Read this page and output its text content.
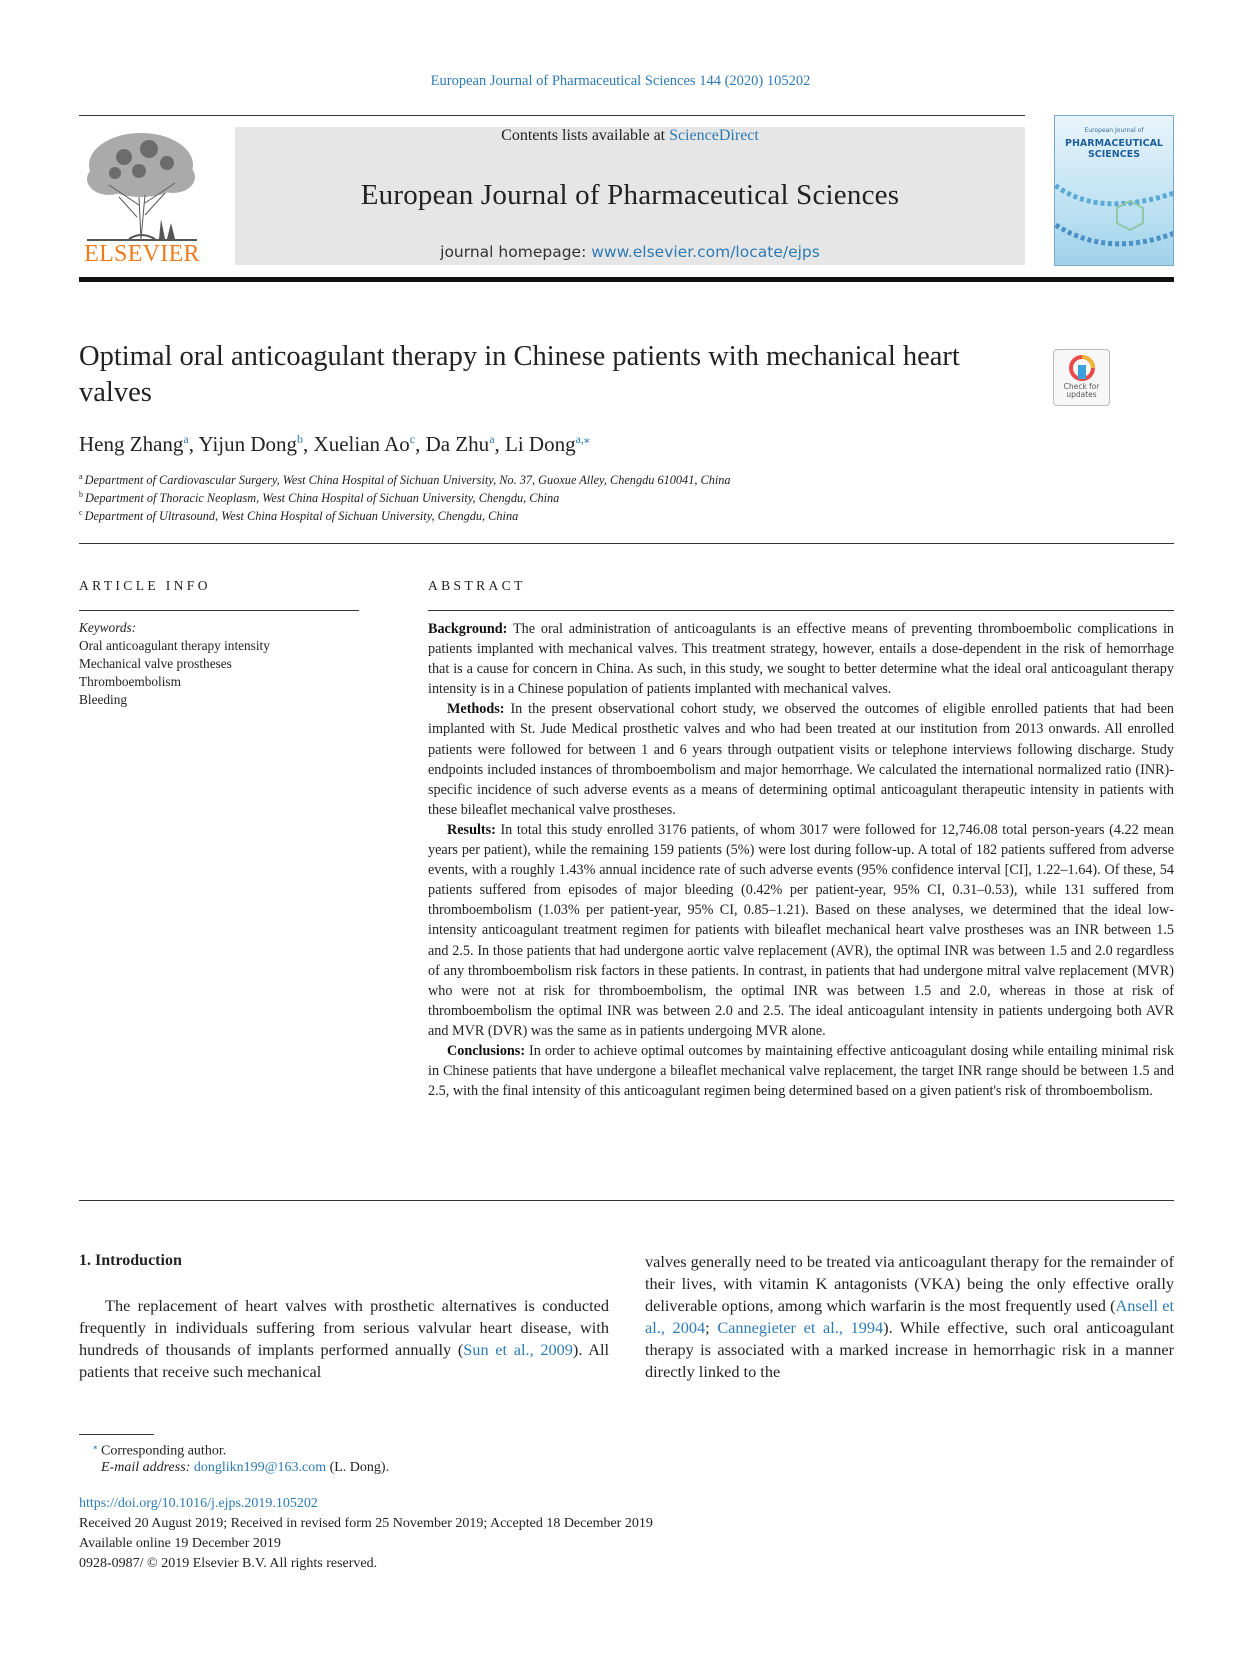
European Journal of Pharmaceutical Sciences 144 (2020) 105202
ELSEVIER
Contents lists available at ScienceDirect
European Journal of Pharmaceutical Sciences
journal homepage: www.elsevier.com/locate/ejps
European Journal of
PHARMACEUTICAL
SCIENCES
Optimal oral anticoagulant therapy in Chinese patients with mechanical heart valves	Check for
updates
Heng Zhang$^a$, Yijun Dong$^b$, Xuelian Ao$^c$, Da Zhu$^a$, Li Dong$^{a,⁎}$
$^a$ Department of Cardiovascular Surgery, West China Hospital of Sichuan University, No. 37, Guoxue Alley, Chengdu 610041, China
$^b$ Department of Thoracic Neoplasm, West China Hospital of Sichuan University, Chengdu, China
$^c$ Department of Ultrasound, West China Hospital of Sichuan University, Chengdu, China
ARTICLE INFO	ABSTRACT
Keywords:
Oral anticoagulant therapy intensity
Mechanical valve prostheses
Thromboembolism
Bleeding

Background: The oral administration of anticoagulants is an effective means of preventing thromboembolic complications in patients implanted with mechanical valves. This treatment strategy, however, entails a dose-dependent in the risk of hemorrhage that is a cause for concern in China. As such, in this study, we sought to better determine what the ideal oral anticoagulant therapy intensity is in a Chinese population of patients implanted with mechanical valves.

Methods: In the present observational cohort study, we observed the outcomes of eligible enrolled patients that had been implanted with St. Jude Medical prosthetic valves and who had been treated at our institution from 2013 onwards. All enrolled patients were followed for between 1 and 6 years through outpatient visits or telephone interviews following discharge. Study endpoints included instances of thromboembolism and major hemorrhage. We calculated the international normalized ratio (INR)-specific incidence of such adverse events as a means of determining optimal anticoagulant therapeutic intensity in patients with these bileaflet mechanical valve prostheses.

Results: In total this study enrolled 3176 patients, of whom 3017 were followed for 12,746.08 total person-years (4.22 mean years per patient), while the remaining 159 patients (5%) were lost during follow-up. A total of 182 patients suffered from adverse events, with a roughly 1.43% annual incidence rate of such adverse events (95% confidence interval [CI], 1.22–1.64). Of these, 54 patients suffered from episodes of major bleeding (0.42% per patient-year, 95% CI, 0.31–0.53), while 131 suffered from thromboembolism (1.03% per patient-year, 95% CI, 0.85–1.21). Based on these analyses, we determined that the ideal low-intensity anticoagulant treatment regimen for patients with bileaflet mechanical heart valve prostheses was an INR between 1.5 and 2.5. In those patients that had undergone aortic valve replacement (AVR), the optimal INR was between 1.5 and 2.0 regardless of any thromboembolism risk factors in these patients. In contrast, in patients that had undergone mitral valve replacement (MVR) who were not at risk for thromboembolism, the optimal INR was between 1.5 and 2.0, whereas in those at risk of thromboembolism the optimal INR was between 2.0 and 2.5. The ideal anticoagulant intensity in patients undergoing both AVR and MVR (DVR) was the same as in patients undergoing MVR alone.

Conclusions: In order to achieve optimal outcomes by maintaining effective anticoagulant dosing while entailing minimal risk in Chinese patients that have undergone a bileaflet mechanical valve replacement, the target INR range should be between 1.5 and 2.5, with the final intensity of this anticoagulant regimen being determined based on a given patient's risk of thromboembolism.

1. Introduction

The replacement of heart valves with prosthetic alternatives is conducted frequently in individuals suffering from serious valvular heart disease, with hundreds of thousands of implants performed annually (Sun et al., 2009). All patients that receive such mechanical

valves generally need to be treated via anticoagulant therapy for the remainder of their lives, with vitamin K antagonists (VKA) being the only effective orally deliverable options, among which warfarin is the most frequently used (Ansell et al., 2004; Cannegieter et al., 1994). While effective, such oral anticoagulant therapy is associated with a marked increase in hemorrhagic risk in a manner directly linked to the

⁎ Corresponding author.
E-mail address: donglikn199@163.com (L. Dong).
https://doi.org/10.1016/j.ejps.2019.105202
Received 20 August 2019; Received in revised form 25 November 2019; Accepted 18 December 2019
Available online 19 December 2019
0928-0987/ © 2019 Elsevier B.V. All rights reserved.
